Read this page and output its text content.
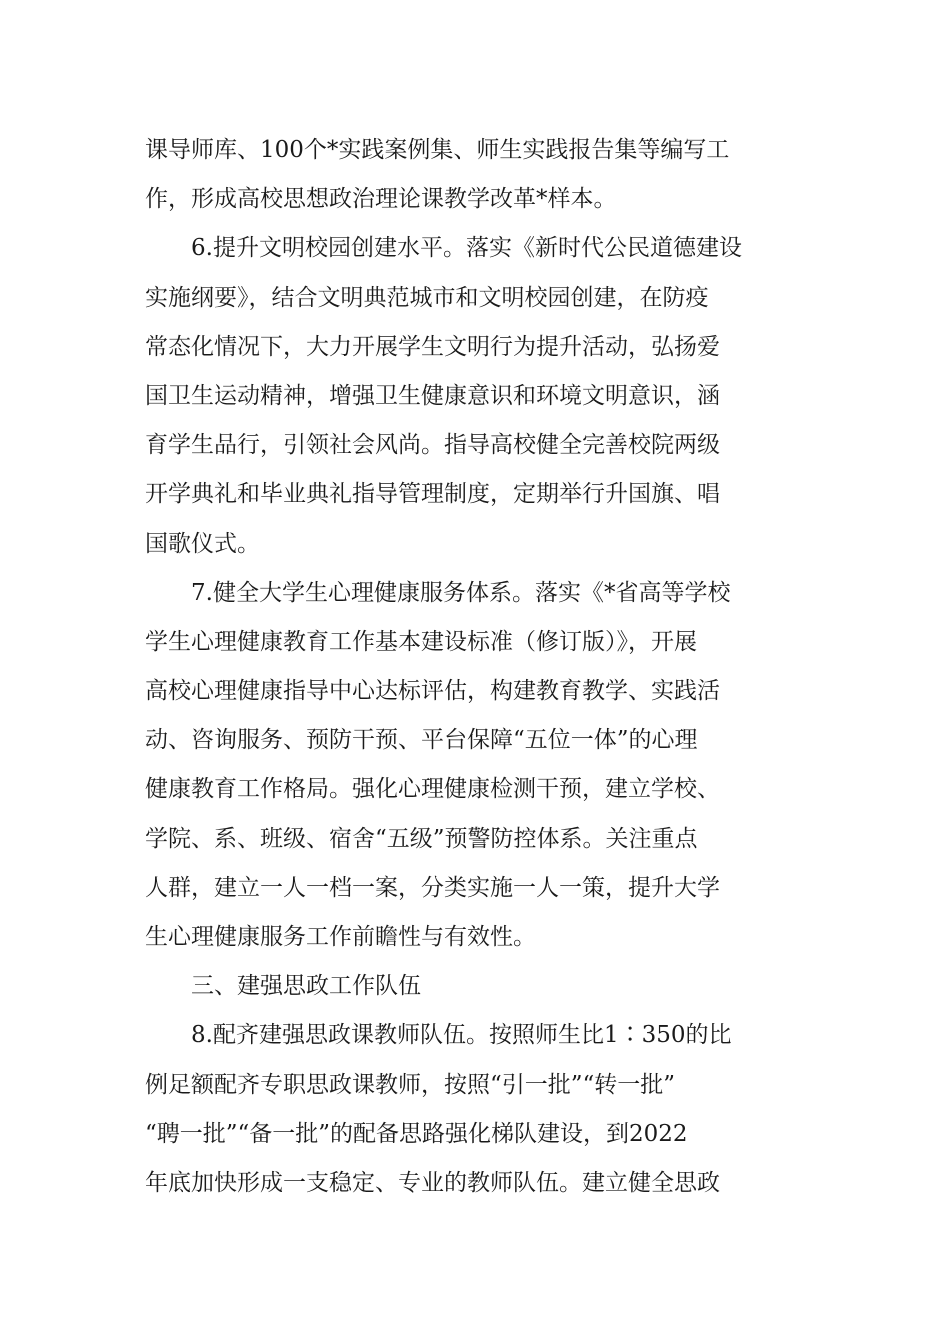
课导师库、100个*实践案例集、师生实践报告集等编写工
作，形成高校思想政治理论课教学改革*样本。
6.提升文明校园创建水平。落实《新时代公民道德建设
实施纲要》，结合文明典范城市和文明校园创建，在防疫
常态化情况下，大力开展学生文明行为提升活动，弘扬爱
国卫生运动精神，增强卫生健康意识和环境文明意识，涵
育学生品行，引领社会风尚。指导高校健全完善校院两级
开学典礼和毕业典礼指导管理制度，定期举行升国旗、唱
国歌仪式。
7.健全大学生心理健康服务体系。落实《*省高等学校
学生心理健康教育工作基本建设标准（修订版）》，开展
高校心理健康指导中心达标评估，构建教育教学、实践活
动、咨询服务、预防干预、平台保障“五位一体”的心理
健康教育工作格局。强化心理健康检测干预，建立学校、
学院、系、班级、宿舍“五级”预警防控体系。关注重点
人群，建立一人一档一案，分类实施一人一策，提升大学
生心理健康服务工作前瞻性与有效性。
三、建强思政工作队伍
8.配齐建强思政课教师队伍。按照师生比1∶350的比
例足额配齐专职思政课教师，按照“引一批”“转一批”
“聘一批”“备一批”的配备思路强化梯队建设，到2022
年底加快形成一支稳定、专业的教师队伍。建立健全思政
